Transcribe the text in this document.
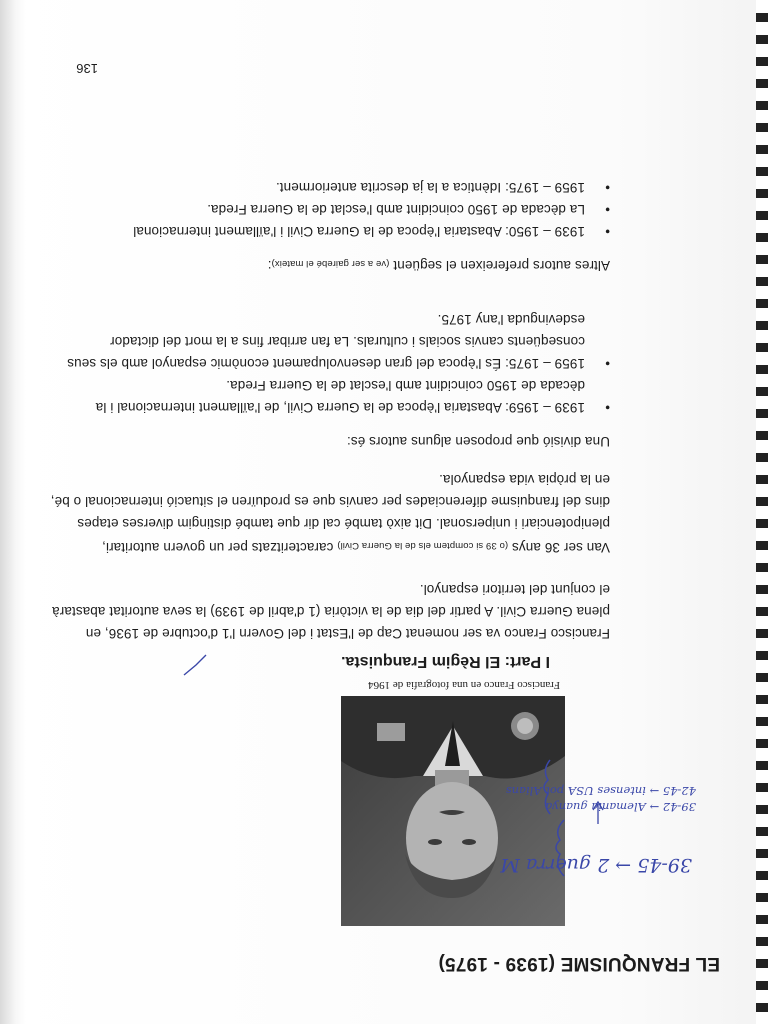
EL FRANQUISME (1939 - 1975)
Francisco Franco en una fotografia de 1964
I Part: El Règim Franquista.

Francisco Franco va ser nomenat Cap de l'Estat i del Govern l'1 d'octubre de 1936, en plena Guerra Civil. A partir del dia de la victòria (1 d'abril de 1939) la seva autoritat abastarà el conjunt del territori espanyol.

Van ser 36 anys (o 39 si comptem els de la Guerra Civil) caracteritzats per un govern autoritari, plenipotenciari i unipersonal. Dit això també cal dir que també distingim diverses etapes dins del franquisme diferenciades per canvis que es produïren el situació internacional o bé, en la pròpia vida espanyola.

Una divisió que proposen alguns autors és:

• 1939 – 1959: Abastaria l'època de la Guerra Civil, de l'aïllament internacional i la dècada de 1950 coincidint amb l'esclat de la Guerra Freda.
• 1959 – 1975: És l'època del gran desenvolupament econòmic espanyol amb els seus conseqüents canvis socials i culturals. La fan arribar fins a la mort del dictador esdevinguda l'any 1975.

Altres autors prefereixen el següent (ve a ser gairebé el mateix):

• 1939 – 1950: Abastaria l'època de la Guerra Civil i l'aïllament internacional
• La dècada de 1950 coincidint amb l'esclat de la Guerra Freda.
• 1959 – 1975: Idèntica a la ja descrita anteriorment.
136
39-45 → 2 guerra M
39-42 → Alemania guanya
42-45 → intenses USA pot Alians
